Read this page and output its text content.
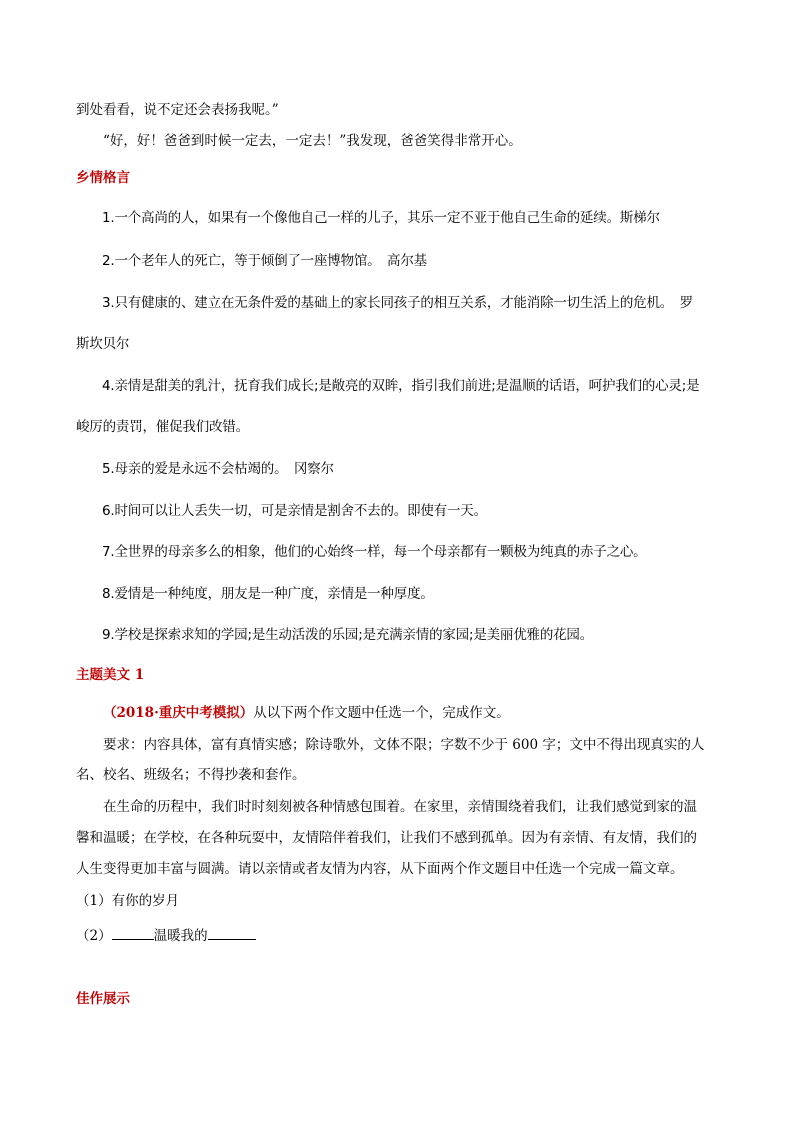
到处看看，说不定还会表扬我呢。”
“好，好！爸爸到时候一定去，一定去！”我发现，爸爸笑得非常开心。
乡情格言
1.一个高尚的人，如果有一个像他自己一样的儿子，其乐一定不亚于他自己生命的延续。斯梯尔
2.一个老年人的死亡，等于倾倒了一座博物馆。　高尔基
3.只有健康的、建立在无条件爱的基础上的家长同孩子的相互关系，才能消除一切生活上的危机。　罗
斯坎贝尔
4.亲情是甜美的乳汁，抚育我们成长;是敞亮的双眸，指引我们前进;是温顺的话语，呵护我们的心灵;是
峻厉的责罚，催促我们改错。
5.母亲的爱是永远不会枯竭的。　冈察尔
6.时间可以让人丢失一切，可是亲情是割舍不去的。即使有一天。
7.全世界的母亲多么的相象，他们的心始终一样，每一个母亲都有一颗极为纯真的赤子之心。
8.爱情是一种纯度，朋友是一种广度，亲情是一种厚度。
9.学校是探索求知的学园;是生动活泼的乐园;是充满亲情的家园;是美丽优雅的花园。
主题美文 1
（2018·重庆中考模拟）从以下两个作文题中任选一个，完成作文。
要求：内容具体，富有真情实感；除诗歌外，文体不限；字数不少于 600 字；文中不得出现真实的人
名、校名、班级名；不得抄袭和套作。
在生命的历程中，我们时时刻刻被各种情感包围着。在家里，亲情围绕着我们，让我们感觉到家的温
馨和温暖；在学校，在各种玩耍中，友情陪伴着我们，让我们不感到孤单。因为有亲情、有友情，我们的
人生变得更加丰富与圆满。请以亲情或者友情为内容，从下面两个作文题目中任选一个完成一篇文章。
（1）有你的岁月
（2）	温暖我的
佳作展示
